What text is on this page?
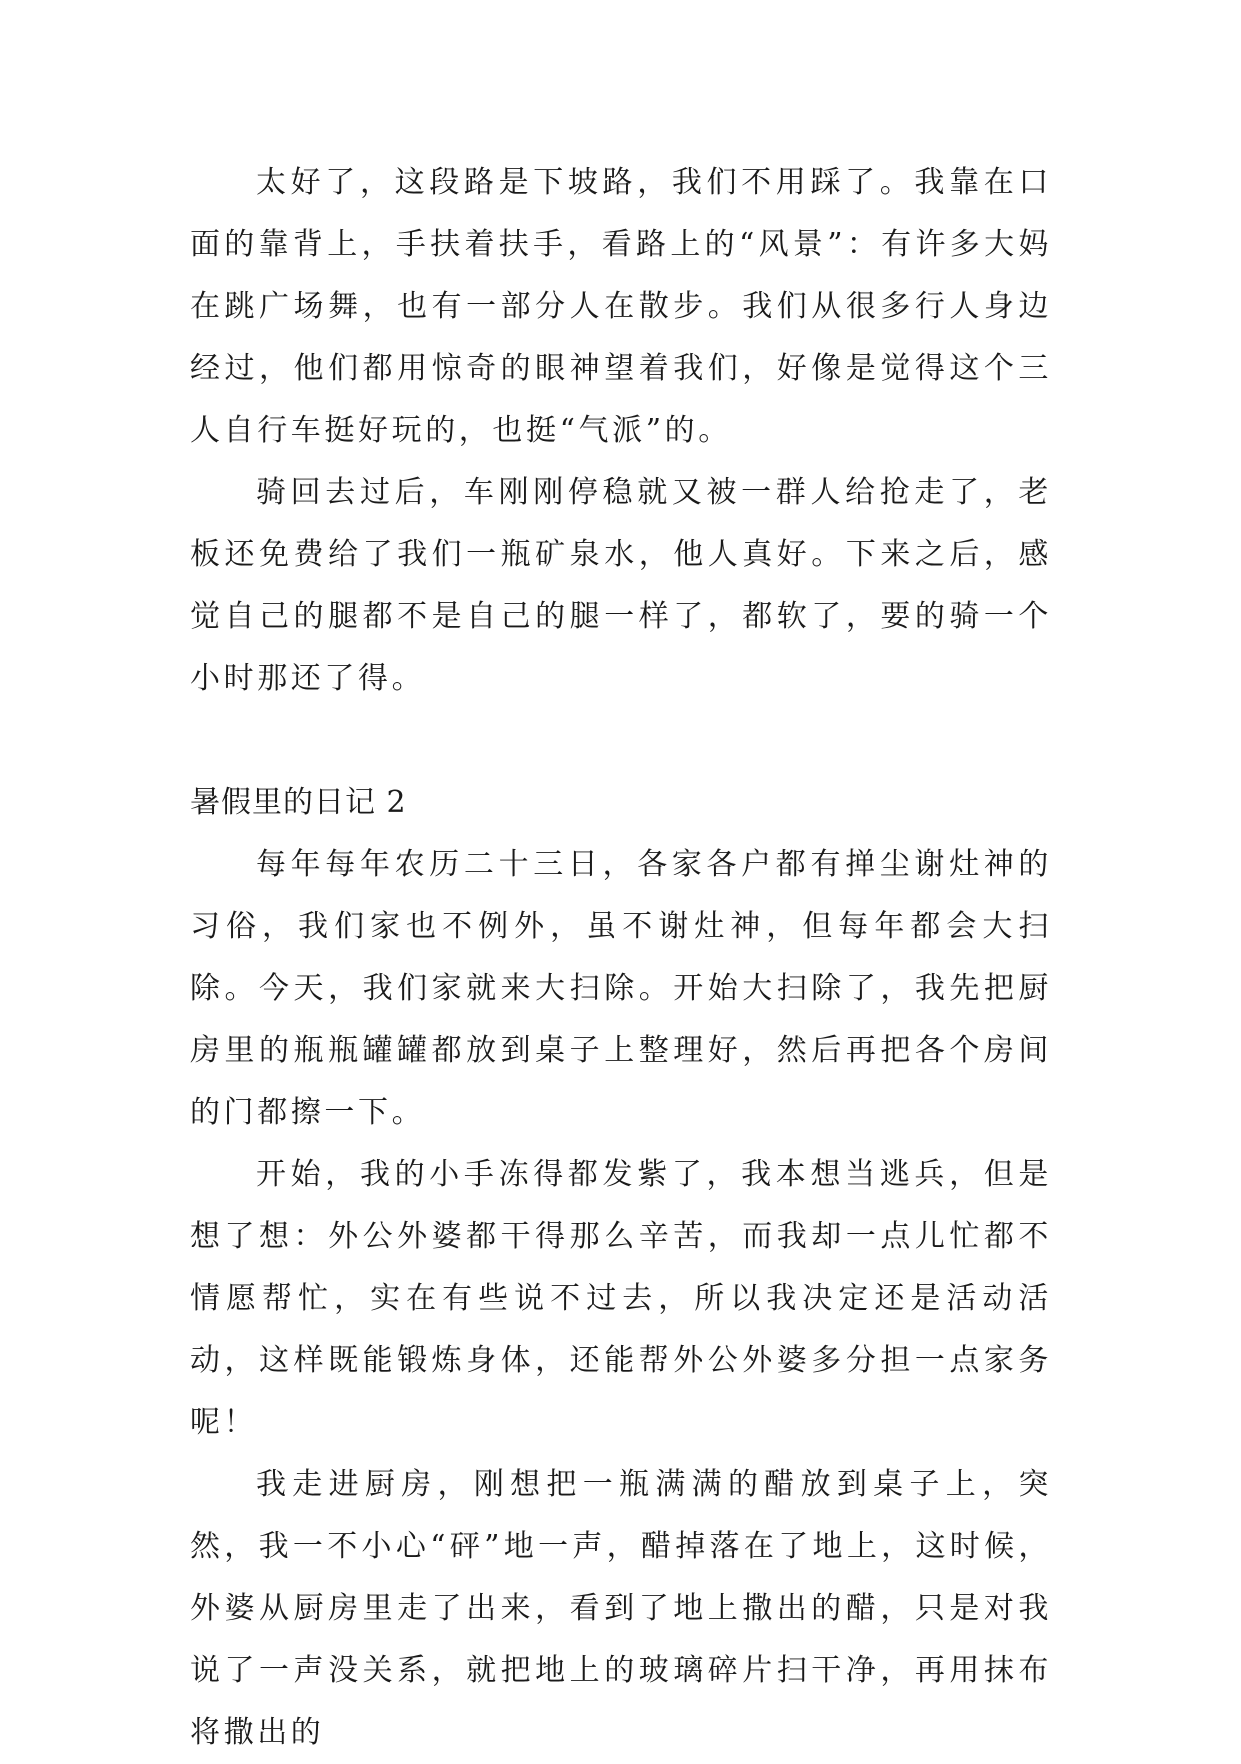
太好了，这段路是下坡路，我们不用踩了。我靠在口面的靠背上，手扶着扶手，看路上的“风景”：有许多大妈在跳广场舞，也有一部分人在散步。我们从很多行人身边经过，他们都用惊奇的眼神望着我们，好像是觉得这个三人自行车挺好玩的，也挺“气派”的。

骑回去过后，车刚刚停稳就又被一群人给抢走了，老板还免费给了我们一瓶矿泉水，他人真好。下来之后，感觉自己的腿都不是自己的腿一样了，都软了，要的骑一个小时那还了得。

暑假里的日记 2

每年每年农历二十三日，各家各户都有掸尘谢灶神的习俗，我们家也不例外，虽不谢灶神，但每年都会大扫除。今天，我们家就来大扫除。开始大扫除了，我先把厨房里的瓶瓶罐罐都放到桌子上整理好，然后再把各个房间的门都擦一下。

开始，我的小手冻得都发紫了，我本想当逃兵，但是想了想：外公外婆都干得那么辛苦，而我却一点儿忙都不情愿帮忙，实在有些说不过去，所以我决定还是活动活动，这样既能锻炼身体，还能帮外公外婆多分担一点家务呢！

我走进厨房，刚想把一瓶满满的醋放到桌子上，突然，我一不小心“砰”地一声，醋掉落在了地上，这时候，外婆从厨房里走了出来，看到了地上撒出的醋，只是对我说了一声没关系，就把地上的玻璃碎片扫干净，再用抹布将撒出的
